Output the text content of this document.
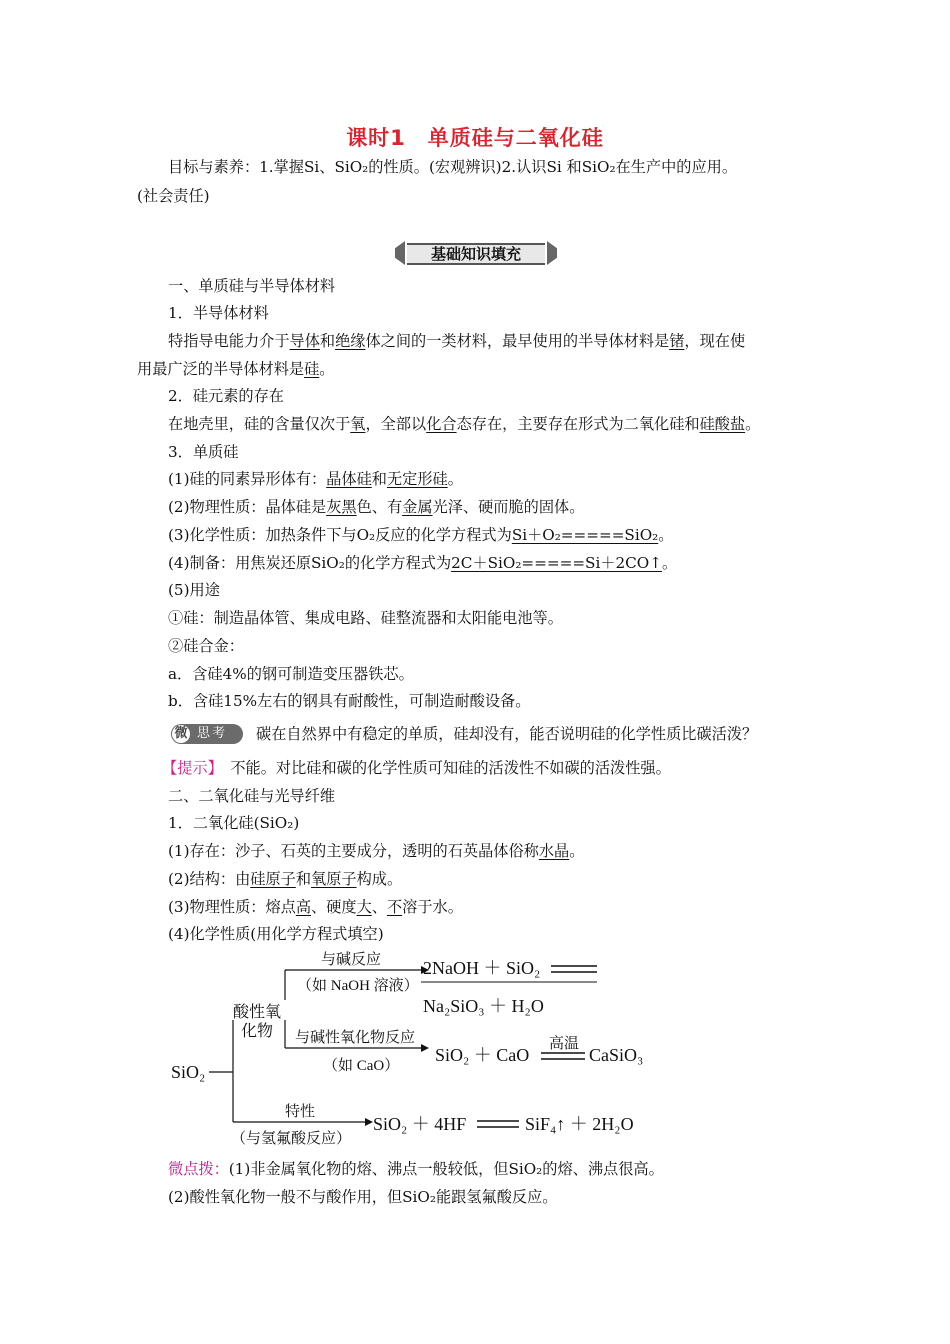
课时1　单质硅与二氧化硅
目标与素养：1.掌握Si、SiO₂的性质。(宏观辨识)2.认识Si 和SiO₂在生产中的应用。
(社会责任)
基础知识填充
一、单质硅与半导体材料
1．半导体材料
特指导电能力介于导体和绝缘体之间的一类材料，最早使用的半导体材料是锗，现在使
用最广泛的半导体材料是硅。
2．硅元素的存在
在地壳里，硅的含量仅次于氧，全部以化合态存在，主要存在形式为二氧化硅和硅酸盐。
3．单质硅
(1)硅的同素异形体有：晶体硅和无定形硅。
(2)物理性质：晶体硅是灰黑色、有金属光泽、硬而脆的固体。
(3)化学性质：加热条件下与O₂反应的化学方程式为Si＋O₂=====SiO₂。
(4)制备：用焦炭还原SiO₂的化学方程式为2C＋SiO₂=====Si＋2CO↑。
(5)用途
①硅：制造晶体管、集成电路、硅整流器和太阳能电池等。
②硅合金：
a．含硅4%的钢可制造变压器铁芯。
b．含硅15%左右的钢具有耐酸性，可制造耐酸设备。
微 思考 碳在自然界中有稳定的单质，硅却没有，能否说明硅的化学性质比碳活泼？
【提示】　 不能。对比硅和碳的化学性质可知硅的活泼性不如碳的活泼性强。
二、二氧化硅与光导纤维
1．二氧化硅(SiO₂)
(1)存在：沙子、石英的主要成分，透明的石英晶体俗称水晶。
(2)结构：由硅原子和氧原子构成。
(3)物理性质：熔点高、硬度大、不溶于水。
(4)化学性质(用化学方程式填空)
SiO₂
酸性氧
化物
与碱反应
（如 NaOH 溶液）
2NaOH ＋ SiO₂
Na₂SiO₃ ＋ H₂O
与碱性氧化物反应
（如 CaO）
SiO₂ ＋ CaO
高温
CaSiO₃
特性
（与氢氟酸反应）
SiO₂ ＋ 4HF	SiF₄↑ ＋ 2H₂O
微点拨：(1)非金属氧化物的熔、沸点一般较低，但SiO₂的熔、沸点很高。
(2)酸性氧化物一般不与酸作用，但SiO₂能跟氢氟酸反应。
